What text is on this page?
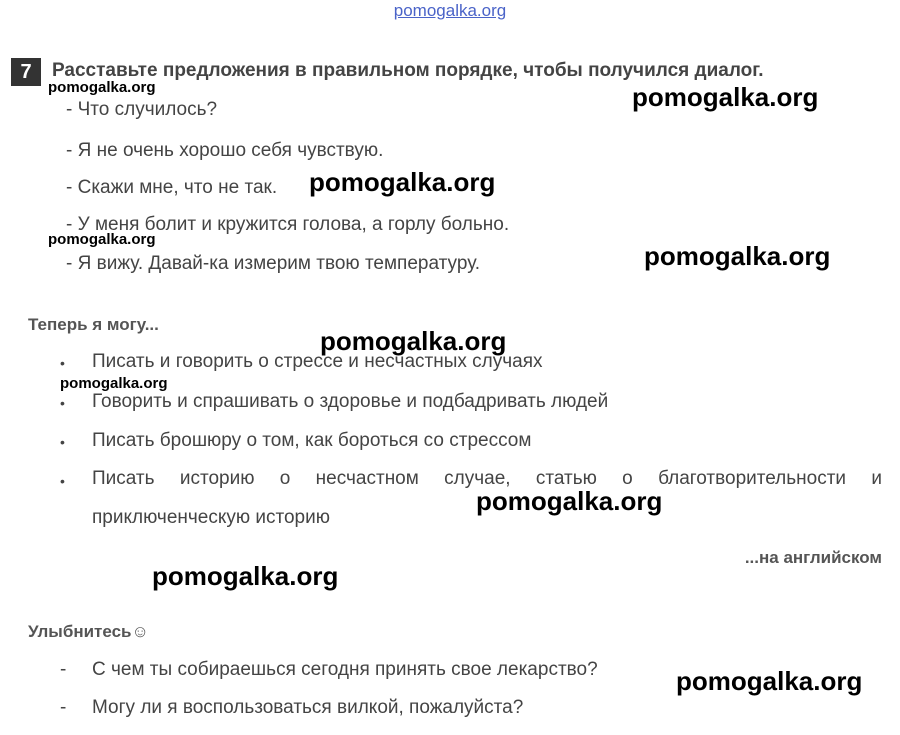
pomogalka.org
7	Расставьте предложения в правильном порядке, чтобы получился диалог.
- Что случилось?
- Я не очень хорошо себя чувствую.
- Скажи мне, что не так.
- У меня болит и кружится голова, а горлу больно.
- Я вижу. Давай-ка измерим твою температуру.
Теперь я могу...
• Писать и говорить о стрессе и несчастных случаях
• Говорить и спрашивать о здоровье и подбадривать людей
• Писать брошюру о том, как бороться со стрессом
• Писать историю о несчастном случае, статью о благотворительности и
приключенческую историю
...на английском
Улыбнитесь☺
- С чем ты собираешься сегодня принять свое лекарство?
- Могу ли я воспользоваться вилкой, пожалуйста?
pomogalka.org	pomogalka.org
pomogalka.org
pomogalka.org
pomogalka.org
pomogalka.org
pomogalka.org
pomogalka.org
pomogalka.org
pomogalka.org
